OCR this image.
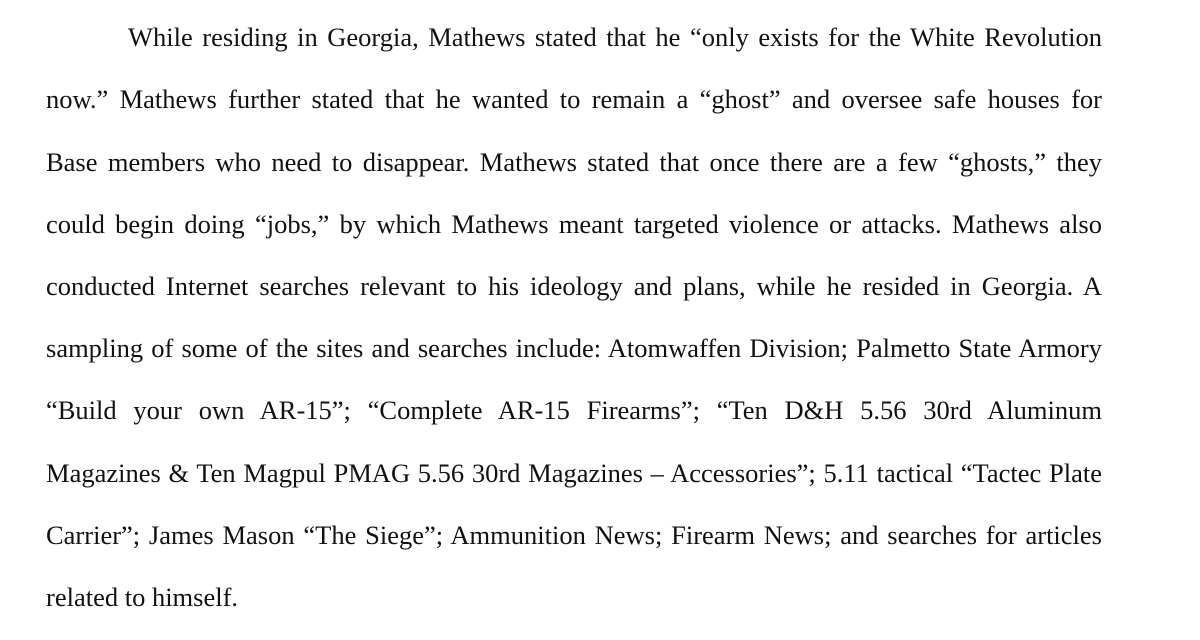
While residing in Georgia, Mathews stated that he “only exists for the White Revolution
now.” Mathews further stated that he wanted to remain a “ghost” and oversee safe houses for
Base members who need to disappear. Mathews stated that once there are a few “ghosts,” they
could begin doing “jobs,” by which Mathews meant targeted violence or attacks. Mathews also
conducted Internet searches relevant to his ideology and plans, while he resided in Georgia. A
sampling of some of the sites and searches include: Atomwaffen Division; Palmetto State Armory
“Build your own AR-15”; “Complete AR-15 Firearms”; “Ten D&H 5.56 30rd Aluminum
Magazines & Ten Magpul PMAG 5.56 30rd Magazines – Accessories”; 5.11 tactical “Tactec Plate
Carrier”; James Mason “The Siege”; Ammunition News; Firearm News; and searches for articles
related to himself.
